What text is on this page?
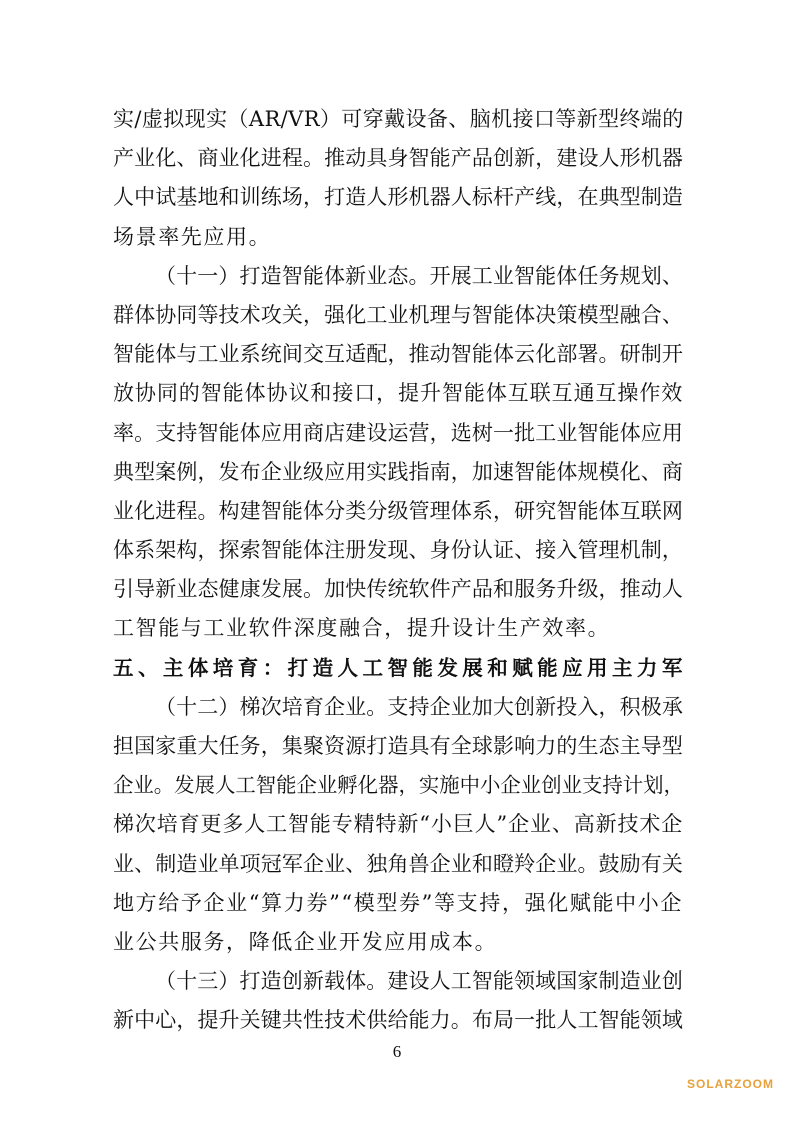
实/虚拟现实（AR/VR）可穿戴设备、脑机接口等新型终端的
产业化、商业化进程。推动具身智能产品创新，建设人形机器
人中试基地和训练场，打造人形机器人标杆产线，在典型制造
场景率先应用。
（十一）打造智能体新业态。开展工业智能体任务规划、
群体协同等技术攻关，强化工业机理与智能体决策模型融合、
智能体与工业系统间交互适配，推动智能体云化部署。研制开
放协同的智能体协议和接口，提升智能体互联互通互操作效
率。支持智能体应用商店建设运营，选树一批工业智能体应用
典型案例，发布企业级应用实践指南，加速智能体规模化、商
业化进程。构建智能体分类分级管理体系，研究智能体互联网
体系架构，探索智能体注册发现、身份认证、接入管理机制，
引导新业态健康发展。加快传统软件产品和服务升级，推动人
工智能与工业软件深度融合，提升设计生产效率。
五、主体培育：打造人工智能发展和赋能应用主力军
（十二）梯次培育企业。支持企业加大创新投入，积极承
担国家重大任务，集聚资源打造具有全球影响力的生态主导型
企业。发展人工智能企业孵化器，实施中小企业创业支持计划，
梯次培育更多人工智能专精特新“小巨人”企业、高新技术企
业、制造业单项冠军企业、独角兽企业和瞪羚企业。鼓励有关
地方给予企业“算力券”“模型券”等支持，强化赋能中小企
业公共服务，降低企业开发应用成本。
（十三）打造创新载体。建设人工智能领域国家制造业创
新中心，提升关键共性技术供给能力。布局一批人工智能领域
6
SOLARZOOM
